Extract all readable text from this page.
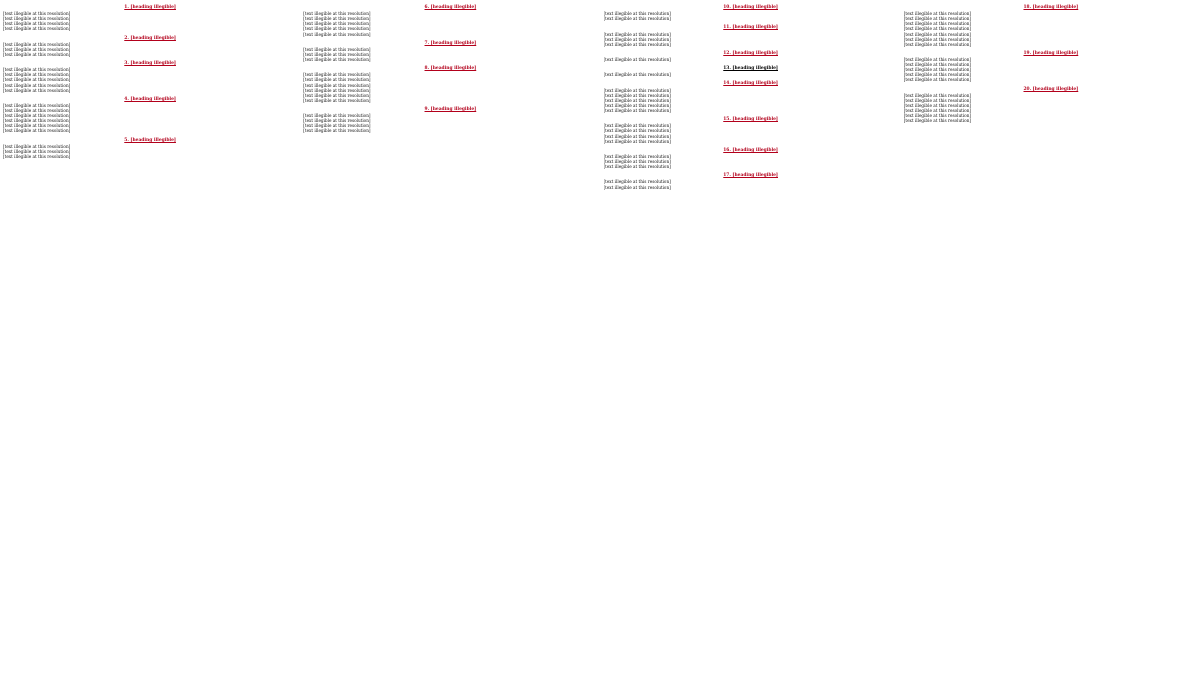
1. [heading illegible]

[text illegible at this resolution]

[text illegible at this resolution]

[text illegible at this resolution]

[text illegible at this resolution]

2. [heading illegible]

[text illegible at this resolution]

[text illegible at this resolution]

[text illegible at this resolution]

3. [heading illegible]

[text illegible at this resolution]

[text illegible at this resolution]

[text illegible at this resolution]

[text illegible at this resolution]

[text illegible at this resolution]

4. [heading illegible]

[text illegible at this resolution]

[text illegible at this resolution]

[text illegible at this resolution]

[text illegible at this resolution]

[text illegible at this resolution]

[text illegible at this resolution]

5. [heading illegible]

[text illegible at this resolution]

[text illegible at this resolution]

[text illegible at this resolution]

6. [heading illegible]

[text illegible at this resolution]

[text illegible at this resolution]

[text illegible at this resolution]

[text illegible at this resolution]

[text illegible at this resolution]

7. [heading illegible]

[text illegible at this resolution]

[text illegible at this resolution]

[text illegible at this resolution]

8. [heading illegible]

[text illegible at this resolution]

[text illegible at this resolution]

[text illegible at this resolution]

[text illegible at this resolution]

[text illegible at this resolution]

[text illegible at this resolution]

9. [heading illegible]

[text illegible at this resolution]

[text illegible at this resolution]

[text illegible at this resolution]

[text illegible at this resolution]

10. [heading illegible]

[text illegible at this resolution]

[text illegible at this resolution]

11. [heading illegible]

[text illegible at this resolution]

[text illegible at this resolution]

[text illegible at this resolution]

12. [heading illegible]

[text illegible at this resolution]

13. [heading illegible]

[text illegible at this resolution]

14. [heading illegible]

[text illegible at this resolution]

[text illegible at this resolution]

[text illegible at this resolution]

[text illegible at this resolution]

[text illegible at this resolution]

15. [heading illegible]

[text illegible at this resolution]

[text illegible at this resolution]

[text illegible at this resolution]

[text illegible at this resolution]

16. [heading illegible]

[text illegible at this resolution]

[text illegible at this resolution]

[text illegible at this resolution]

17. [heading illegible]

[text illegible at this resolution]

[text illegible at this resolution]

18. [heading illegible]

[text illegible at this resolution]

[text illegible at this resolution]

[text illegible at this resolution]

[text illegible at this resolution]

[text illegible at this resolution]

[text illegible at this resolution]

[text illegible at this resolution]

19. [heading illegible]

[text illegible at this resolution]

[text illegible at this resolution]

[text illegible at this resolution]

[text illegible at this resolution]

[text illegible at this resolution]

20. [heading illegible]

[text illegible at this resolution]

[text illegible at this resolution]

[text illegible at this resolution]

[text illegible at this resolution]

[text illegible at this resolution]

[text illegible at this resolution]
